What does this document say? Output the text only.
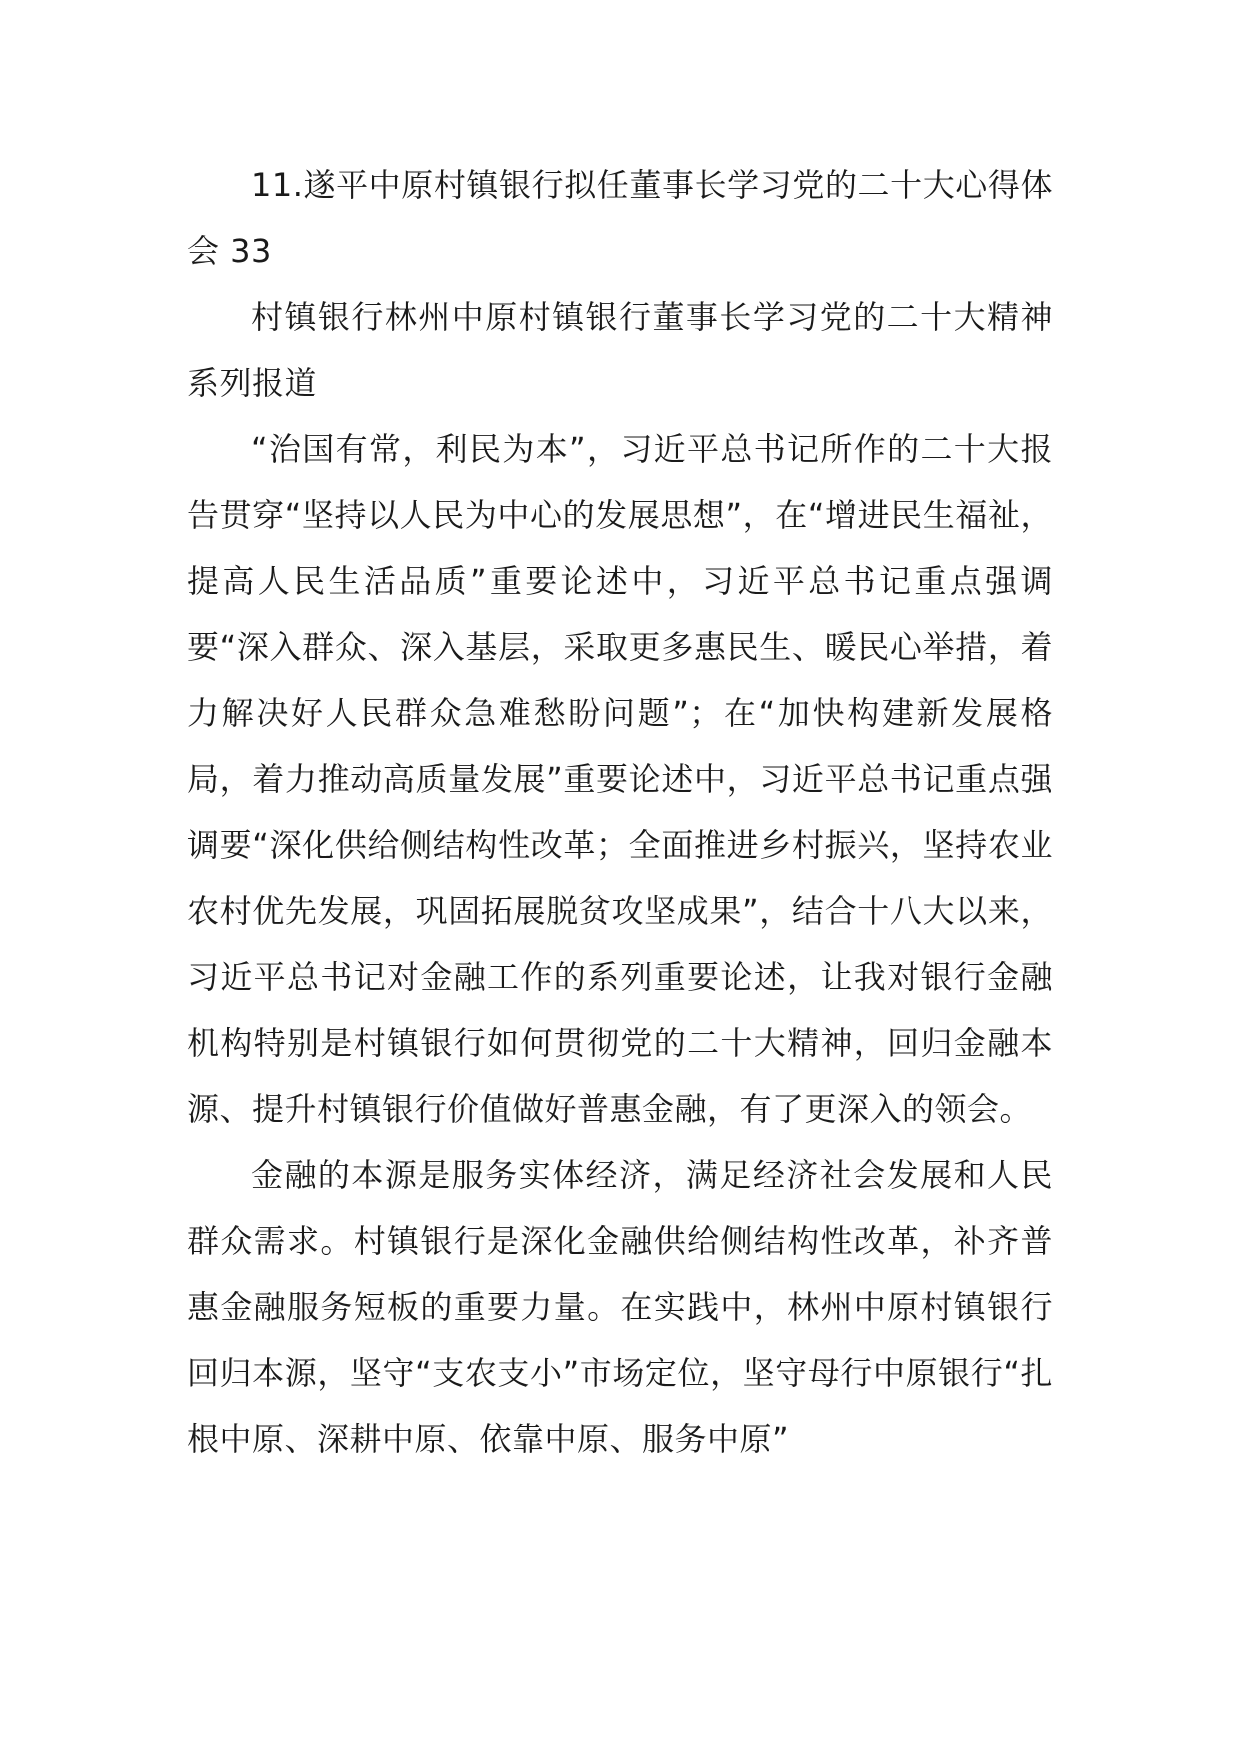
11.遂平中原村镇银行拟任董事长学习党的二十大心得体会 33

村镇银行林州中原村镇银行董事长学习党的二十大精神系列报道

“治国有常，利民为本”，习近平总书记所作的二十大报告贯穿“坚持以人民为中心的发展思想”，在“增进民生福祉，提高人民生活品质”重要论述中，习近平总书记重点强调要“深入群众、深入基层，采取更多惠民生、暖民心举措，着力解决好人民群众急难愁盼问题”；在“加快构建新发展格局，着力推动高质量发展”重要论述中，习近平总书记重点强调要“深化供给侧结构性改革；全面推进乡村振兴，坚持农业农村优先发展，巩固拓展脱贫攻坚成果”，结合十八大以来，习近平总书记对金融工作的系列重要论述，让我对银行金融机构特别是村镇银行如何贯彻党的二十大精神，回归金融本源、提升村镇银行价值做好普惠金融，有了更深入的领会。

金融的本源是服务实体经济，满足经济社会发展和人民群众需求。村镇银行是深化金融供给侧结构性改革，补齐普惠金融服务短板的重要力量。在实践中，林州中原村镇银行回归本源，坚守“支农支小”市场定位，坚守母行中原银行“扎根中原、深耕中原、依靠中原、服务中原”
